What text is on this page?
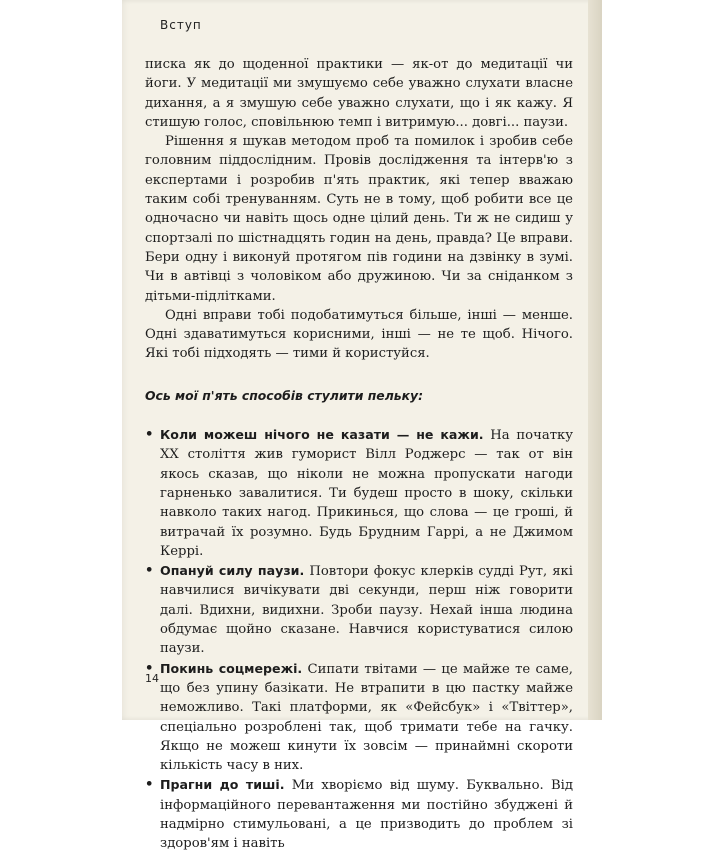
Вступ

писка як до щоденної практики — як-от до медитації чи йоги. У медитації ми змушуємо себе уважно слухати власне дихання, а я змушую себе уважно слухати, що і як кажу. Я стишую голос, сповільнюю темп і витримую... довгі... паузи.

Рішення я шукав методом проб та помилок і зробив себе головним піддослідним. Провів дослідження та інтерв'ю з експертами і розробив п'ять практик, які тепер вважаю таким собі тренуванням. Суть не в тому, щоб робити все це одночасно чи навіть щось одне цілий день. Ти ж не сидиш у спортзалі по шістнадцять годин на день, правда? Це вправи. Бери одну і виконуй протягом пів години на дзвінку в зумі. Чи в автівці з чоловіком або дружиною. Чи за сніданком з дітьми-підлітками.

Одні вправи тобі подобатимуться більше, інші — менше. Одні здаватимуться корисними, інші — не те щоб. Нічого. Які тобі підходять — тими й користуйся.

Ось мої п'ять способів стулити пельку:

• Коли можеш нічого не казати — не кажи. На початку XX століття жив гуморист Вілл Роджерс — так от він якось сказав, що ніколи не можна пропускати нагоди гарненько завалитися. Ти будеш просто в шоку, скільки навколо таких нагод. Прикинься, що слова — це гроші, й витрачай їх розумно. Будь Брудним Гаррі, а не Джимом Керрі.
• Опануй силу паузи. Повтори фокус клерків судді Рут, які навчилися вичікувати дві секунди, перш ніж говорити далі. Вдихни, видихни. Зроби паузу. Нехай інша людина обдумає щойно сказане. Навчися користуватися силою паузи.
• Покинь соцмережі. Сипати твітами — це майже те саме, що без упину базікати. Не втрапити в цю пастку майже неможливо. Такі платформи, як «Фейсбук» і «Твіттер», спеціально розроблені так, щоб тримати тебе на гачку. Якщо не можеш кинути їх зовсім — принаймні скороти кількість часу в них.
• Прагни до тиші. Ми хворіємо від шуму. Буквально. Від інформаційного перевантаження ми постійно збуджені й надмірно стимульовані, а це призводить до проблем зі здоров'ям і навіть
14
